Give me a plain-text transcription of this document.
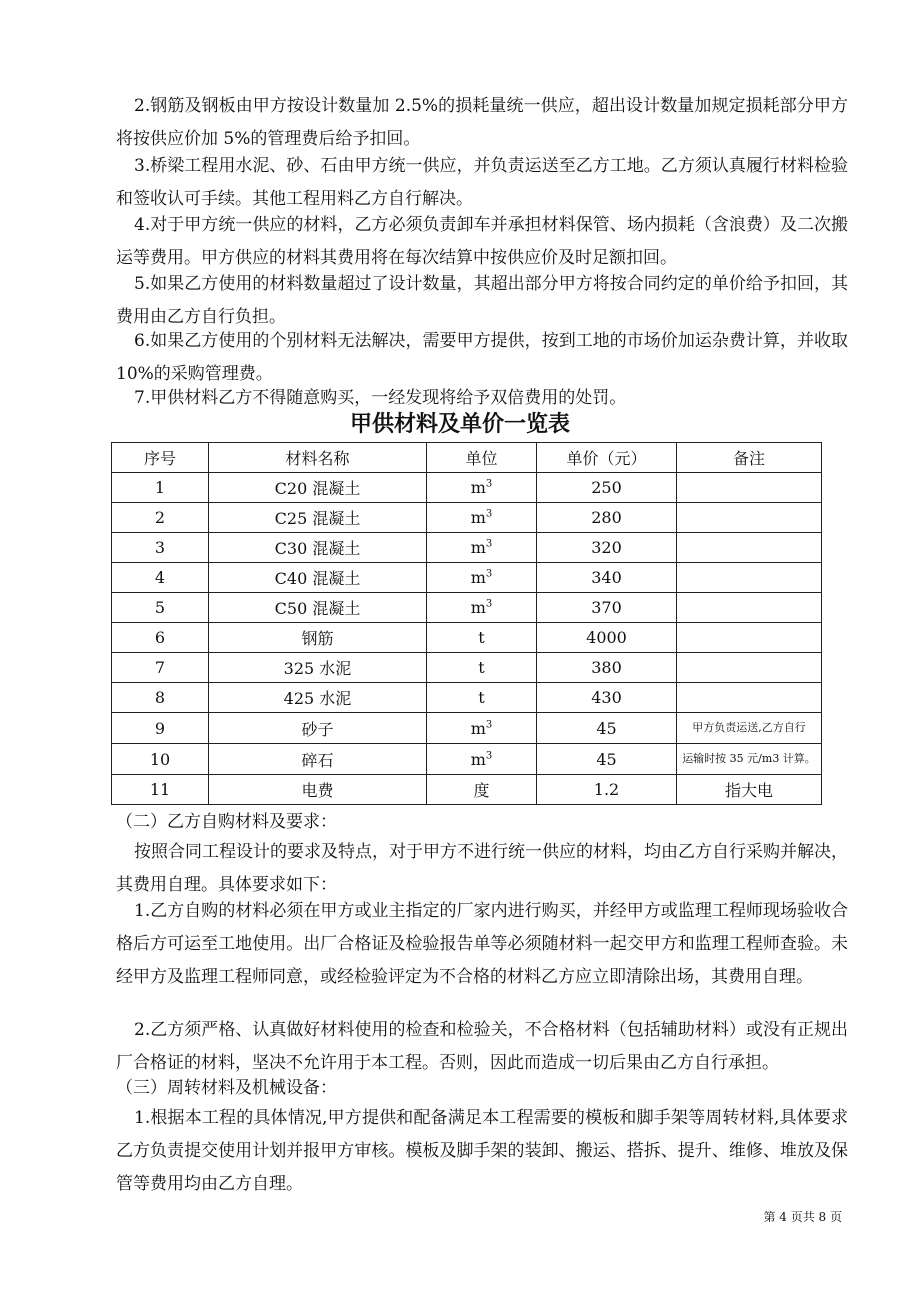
2.钢筋及钢板由甲方按设计数量加 2.5%的损耗量统一供应，超出设计数量加规定损耗部分甲方将按供应价加 5%的管理费后给予扣回。

3.桥梁工程用水泥、砂、石由甲方统一供应，并负责运送至乙方工地。乙方须认真履行材料检验和签收认可手续。其他工程用料乙方自行解决。

4.对于甲方统一供应的材料，乙方必须负责卸车并承担材料保管、场内损耗（含浪费）及二次搬运等费用。甲方供应的材料其费用将在每次结算中按供应价及时足额扣回。

5.如果乙方使用的材料数量超过了设计数量，其超出部分甲方将按合同约定的单价给予扣回，其费用由乙方自行负担。

6.如果乙方使用的个别材料无法解决，需要甲方提供，按到工地的市场价加运杂费计算，并收取 10%的采购管理费。

7.甲供材料乙方不得随意购买，一经发现将给予双倍费用的处罚。

甲供材料及单价一览表
序号	材料名称	单位	单价（元）	备注
1	C20 混凝土	$m^3$	250	
2	C25 混凝土	$m^3$	280	
3	C30 混凝土	$m^3$	320	
4	C40 混凝土	$m^3$	340	
5	C50 混凝土	$m^3$	370	
6	钢筋	t	4000	
7	325 水泥	t	380	
8	425 水泥	t	430	
9	砂子	$m^3$	45	甲方负责运送,乙方自行
10	碎石	$m^3$	45	运输时按 35 元/m3 计算。
11	电费	度	1.2	指大电

（二）乙方自购材料及要求：

按照合同工程设计的要求及特点，对于甲方不进行统一供应的材料，均由乙方自行采购并解决，其费用自理。具体要求如下：

1.乙方自购的材料必须在甲方或业主指定的厂家内进行购买，并经甲方或监理工程师现场验收合格后方可运至工地使用。出厂合格证及检验报告单等必须随材料一起交甲方和监理工程师查验。未经甲方及监理工程师同意，或经检验评定为不合格的材料乙方应立即清除出场，其费用自理。

2.乙方须严格、认真做好材料使用的检查和检验关，不合格材料（包括辅助材料）或没有正规出厂合格证的材料，坚决不允许用于本工程。否则，因此而造成一切后果由乙方自行承担。

（三）周转材料及机械设备：

1.根据本工程的具体情况,甲方提供和配备满足本工程需要的模板和脚手架等周转材料,具体要求乙方负责提交使用计划并报甲方审核。模板及脚手架的装卸、搬运、搭拆、提升、维修、堆放及保管等费用均由乙方自理。

第 4 页共 8 页
